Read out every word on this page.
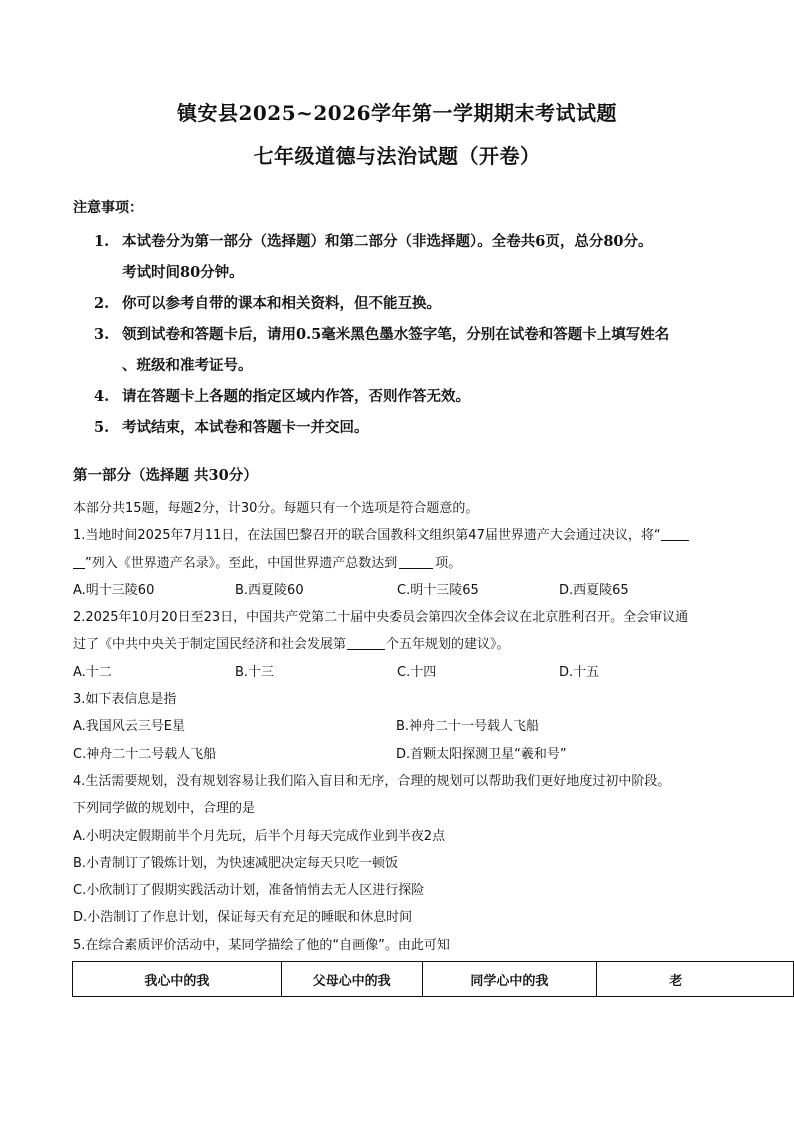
镇安县2025~2026学年第一学期期末考试试题
七年级道德与法治试题（开卷）
注意事项：
1. 本试卷分为第一部分（选择题）和第二部分（非选择题）。全卷共6页，总分80分。
考试时间80分钟。
2. 你可以参考自带的课本和相关资料，但不能互换。
3. 领到试卷和答题卡后，请用0.5毫米黑色墨水签字笔，分别在试卷和答题卡上填写姓名
、班级和准考证号。
4. 请在答题卡上各题的指定区域内作答，否则作答无效。
5. 考试结束，本试卷和答题卡一并交回。
第一部分（选择题 共30分）
本部分共15题，每题2分，计30分。每题只有一个选项是符合题意的。
1.当地时间2025年7月11日，在法国巴黎召开的联合国教科文组织第47届世界遗产大会通过决议，将“
”列入《世界遗产名录》。至此，中国世界遗产总数达到	项。
A.明十三陵60	B.西夏陵60	C.明十三陵65	D.西夏陵65
2.2025年10月20日至23日，中国共产党第二十届中央委员会第四次全体会议在北京胜利召开。全会审议通
过了《中共中央关于制定国民经济和社会发展第	个五年规划的建议》。
A.十二	B.十三	C.十四	D.十五
3.如下表信息是指
A.我国风云三号E星	B.神舟二十一号载人飞船
C.神舟二十二号载人飞船	D.首颗太阳探测卫星“羲和号”
4.生活需要规划，没有规划容易让我们陷入盲目和无序，合理的规划可以帮助我们更好地度过初中阶段。
下列同学做的规划中，合理的是
A.小明决定假期前半个月先玩，后半个月每天完成作业到半夜2点
B.小青制订了锻炼计划，为快速减肥决定每天只吃一顿饭
C.小欣制订了假期实践活动计划，准备悄悄去无人区进行探险
D.小浩制订了作息计划，保证每天有充足的睡眠和休息时间
5.在综合素质评价活动中，某同学描绘了他的“自画像”。由此可知
我心中的我	父母心中的我	同学心中的我	老
